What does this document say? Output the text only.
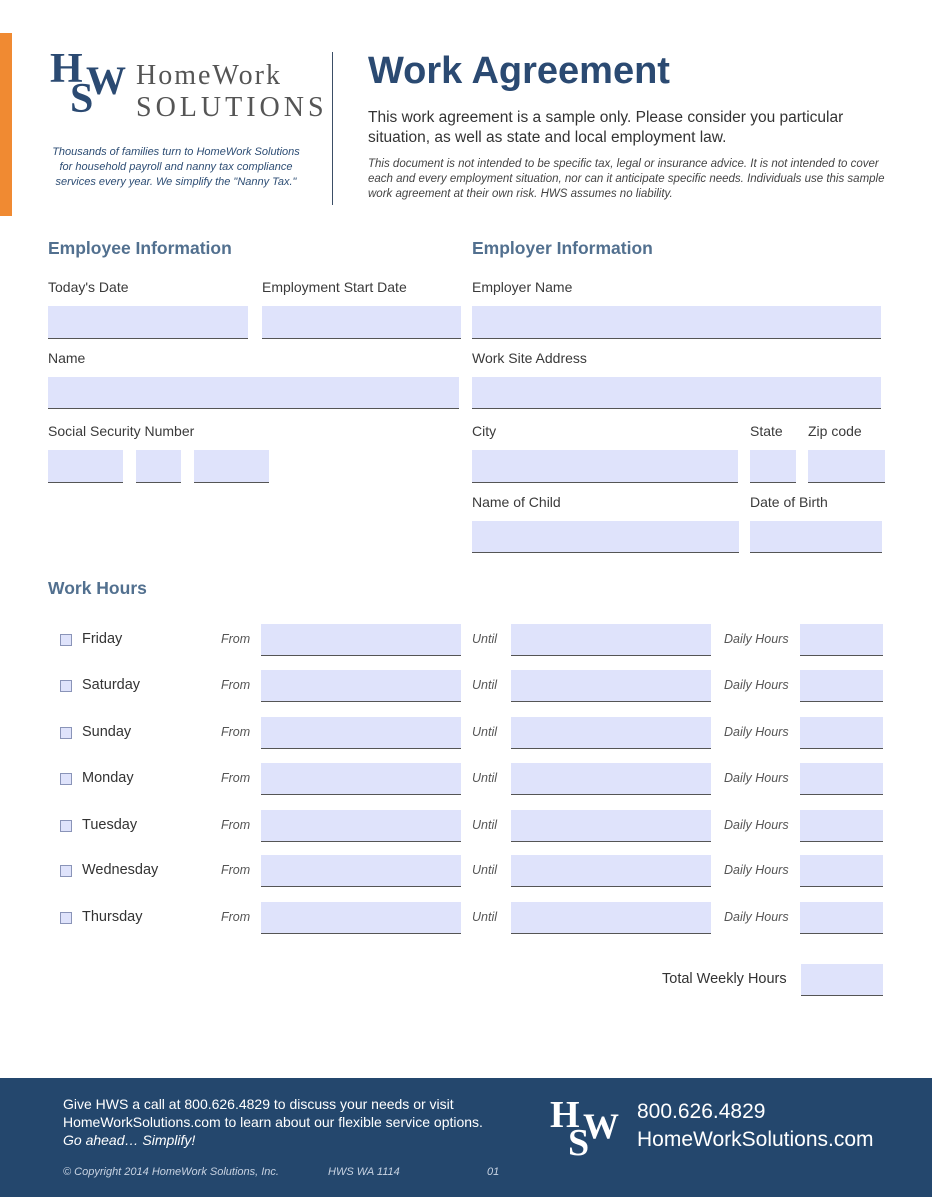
H
S
W HomeWork
SOLUTIONS
Thousands of families turn to HomeWork Solutions for household payroll and nanny tax compliance services every year. We simplify the "Nanny Tax."
Work Agreement
This work agreement is a sample only. Please consider you particular situation, as well as state and local employment law.
This document is not intended to be specific tax, legal or insurance advice. It is not intended to cover each and every employment situation, nor can it anticipate specific needs. Individuals use this sample work agreement at their own risk. HWS assumes no liability.
Employee Information
Today's Date	Employment Start Date
Name
Social Security Number
Employer Information
Employer Name
Work Site Address
City	State Zip code
Name of Child	Date of Birth
Work Hours
Friday	From	Until	Daily Hours
Saturday	From	Until	Daily Hours
Sunday	From	Until	Daily Hours
Monday	From	Until	Daily Hours
Tuesday	From	Until	Daily Hours
Wednesday	From	Until	Daily Hours
Thursday	From	Until	Daily Hours
Total Weekly Hours
Give HWS a call at 800.626.4829 to discuss your needs or visit HomeWorkSolutions.com to learn about our flexible service options.
Go ahead… Simplify!
© Copyright 2014 HomeWork Solutions, Inc.	HWS WA 1114	01
H
S
W 800.626.4829
HomeWorkSolutions.com
